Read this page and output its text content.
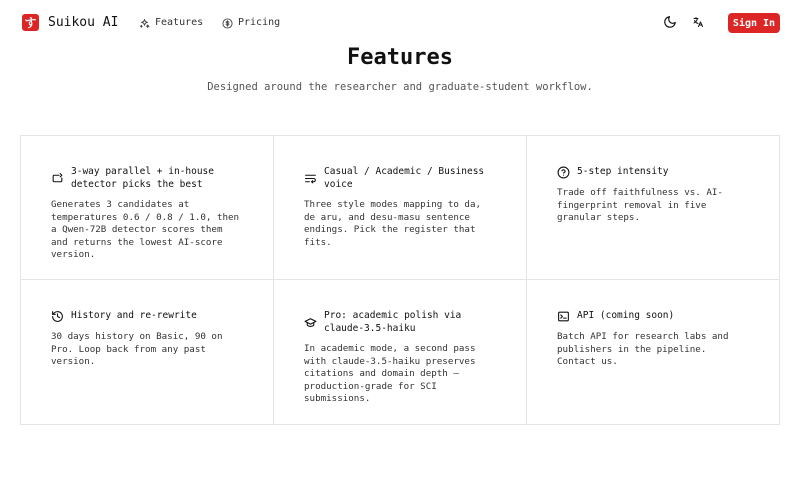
す Suikou AI	Features	Pricing	Sign In
Features

Designed around the researcher and graduate-student workflow.

3-way parallel + in-house detector picks the best

Generates 3 candidates at temperatures 0.6 / 0.8 / 1.0, then a Qwen-72B detector scores them and returns the lowest AI-score version.

Casual / Academic / Business voice

Three style modes mapping to da, de aru, and desu-masu sentence endings. Pick the register that fits.

5-step intensity

Trade off faithfulness vs. AI-fingerprint removal in five granular steps.

History and re-rewrite

30 days history on Basic, 90 on Pro. Loop back from any past version.

Pro: academic polish via claude-3.5-haiku

In academic mode, a second pass with claude-3.5-haiku preserves citations and domain depth — production-grade for SCI submissions.

API (coming soon)

Batch API for research labs and publishers in the pipeline. Contact us.
